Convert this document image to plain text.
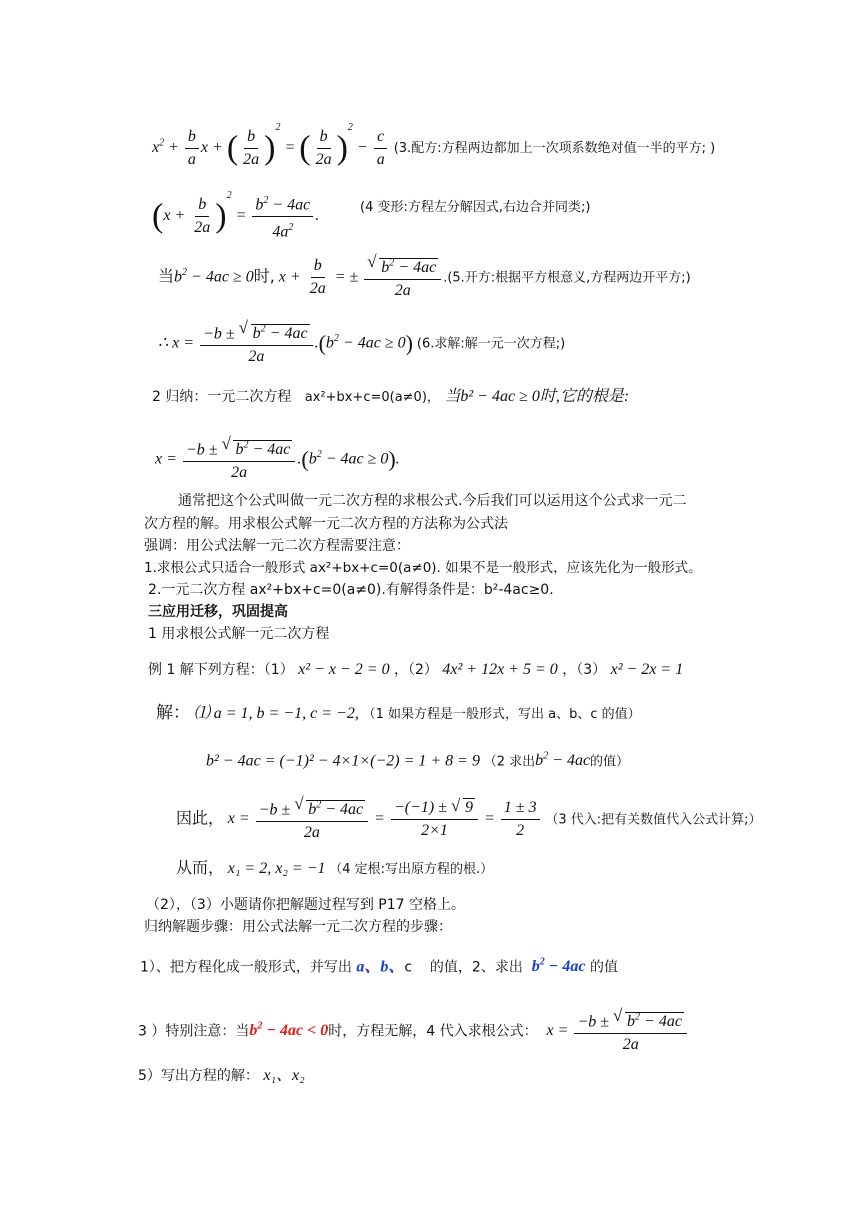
$x^2 + \frac{b}{a}$ x + ( $\frac{b}{2a} )^2$ = ( $\frac{b}{2a} )^2 - \frac{c}{a} (3$.配方:方程两边都加上一次项系数绝对值一半的平方; )
$(x + \frac{b}{2a} )^2 = \frac{b^2 - 4ac}{4a^2}$ .	(4 变形:方程左分解因式,右边合并同类;)
当$b^2 - 4ac \ge 0$时, $x + \frac{b}{2a}$ = ±
√ $\frac{b^2 - 4ac}{2a} .(5$.开方:根据平方根意义,方程两边开平方;)
∴ $x = \frac{-b \pm √ b^2 - 4ac}{2a} .(b^2 - 4ac \ge 0)$ (6.求解:解一元一次方程;)
2 归纳：一元二次方程 ax²+bx+c=0(a≠0)， 当b² − 4ac ≥ 0时,它的根是:
$x = \frac{-b \pm √ b^2 - 4ac}{2a} .(b^2 - 4ac \ge 0)$.
通常把这个公式叫做一元二次方程的求根公式.今后我们可以运用这个公式求一元二
次方程的解。用求根公式解一元二次方程的方法称为公式法
强调：用公式法解一元二次方程需要注意：
1.求根公式只适合一般形式 ax²+bx+c=0(a≠0). 如果不是一般形式，应该先化为一般形式。
2.一元二次方程 ax²+bx+c=0(a≠0).有解得条件是：b²-4ac≥0.
三应用迁移，巩固提高
1 用求根公式解一元二次方程
例 1 解下列方程：（1） x² − x − 2 = 0 ，（2） 4x² + 12x + 5 = 0 ，（3） x² − 2x = 1
解： ⑴ a = 1, b = −1, c = −2, （1 如果方程是一般形式，写出 a、b、c 的值）
b² − 4ac = (−1)² − 4×1×(−2) = 1 + 8 = 9 （2 求出$b^2 - 4ac$的值）
因此， $x = \frac{-b \pm √ b^2 - 4ac}{2a} = \frac{-(-1) \pm √ 9}{2\times 1} = \frac{1 \pm 3}{2} (3$ 代入:把有关数值代入公式计算;）
从而， x₁ = 2, x₂ = −1 （4 定根:写出原方程的根.）
（2），（3）小题请你把解题过程写到 P17 空格上。
归纳解题步骤：用公式法解一元二次方程的步骤：
1）、把方程化成一般形式，并写出 a、b、c 的值，2、求出 $b^2 - 4ac$ 的值
3 ）特别注意：当$b^2 - 4ac < 0$时，方程无解，4 代入求根公式： $x = \frac{-b \pm √ b^2 - 4ac}{2a}$
5）写出方程的解： x₁、x₂
